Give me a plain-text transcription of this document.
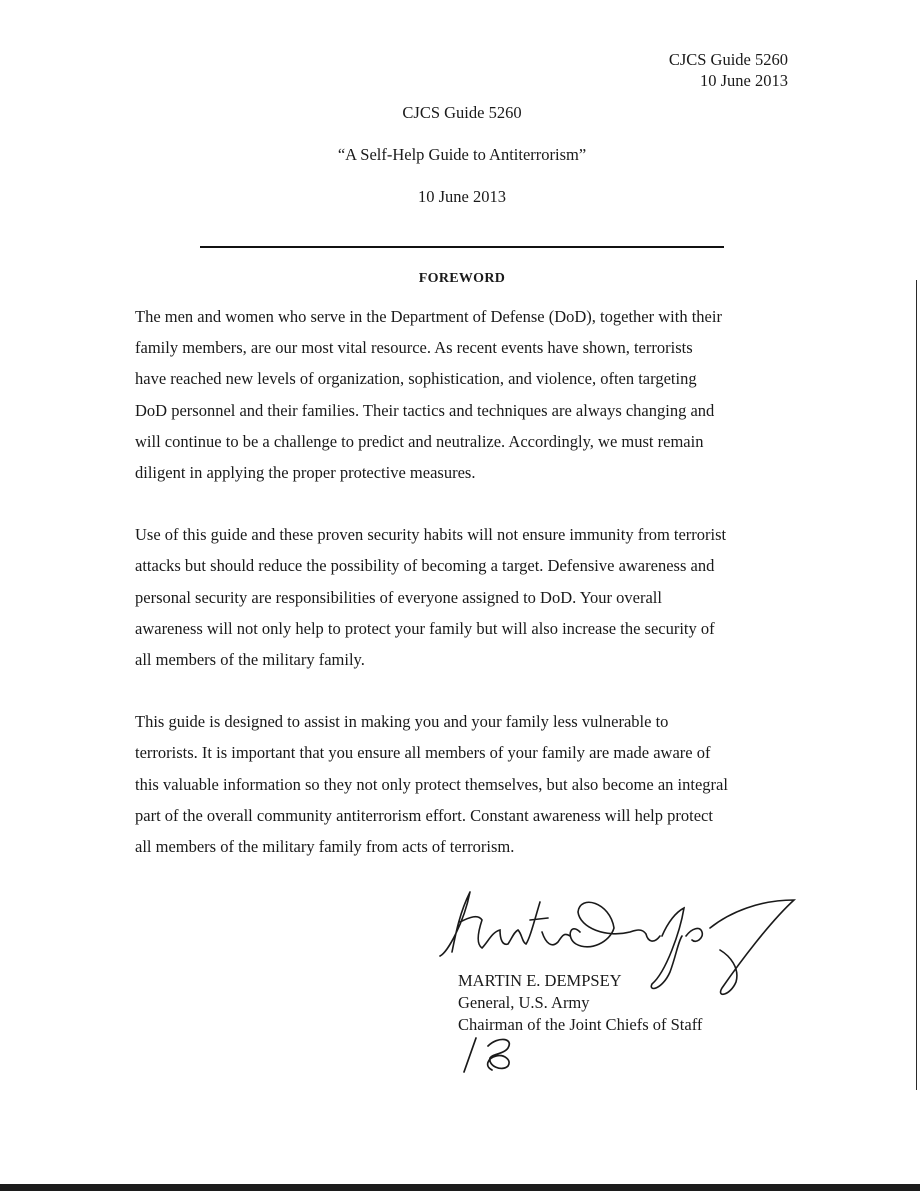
CJCS Guide 5260
10 June 2013
CJCS Guide 5260
“A Self-Help Guide to Antiterrorism”
10 June 2013
FOREWORD

The men and women who serve in the Department of Defense (DoD), together with their
family members, are our most vital resource. As recent events have shown, terrorists
have reached new levels of organization, sophistication, and violence, often targeting
DoD personnel and their families. Their tactics and techniques are always changing and
will continue to be a challenge to predict and neutralize. Accordingly, we must remain
diligent in applying the proper protective measures.

Use of this guide and these proven security habits will not ensure immunity from terrorist
attacks but should reduce the possibility of becoming a target. Defensive awareness and
personal security are responsibilities of everyone assigned to DoD. Your overall
awareness will not only help to protect your family but will also increase the security of
all members of the military family.

This guide is designed to assist in making you and your family less vulnerable to
terrorists. It is important that you ensure all members of your family are made aware of
this valuable information so they not only protect themselves, but also become an integral
part of the overall community antiterrorism effort. Constant awareness will help protect
all members of the military family from acts of terrorism.

MARTIN E. DEMPSEY
General, U.S. Army
Chairman of the Joint Chiefs of Staff
